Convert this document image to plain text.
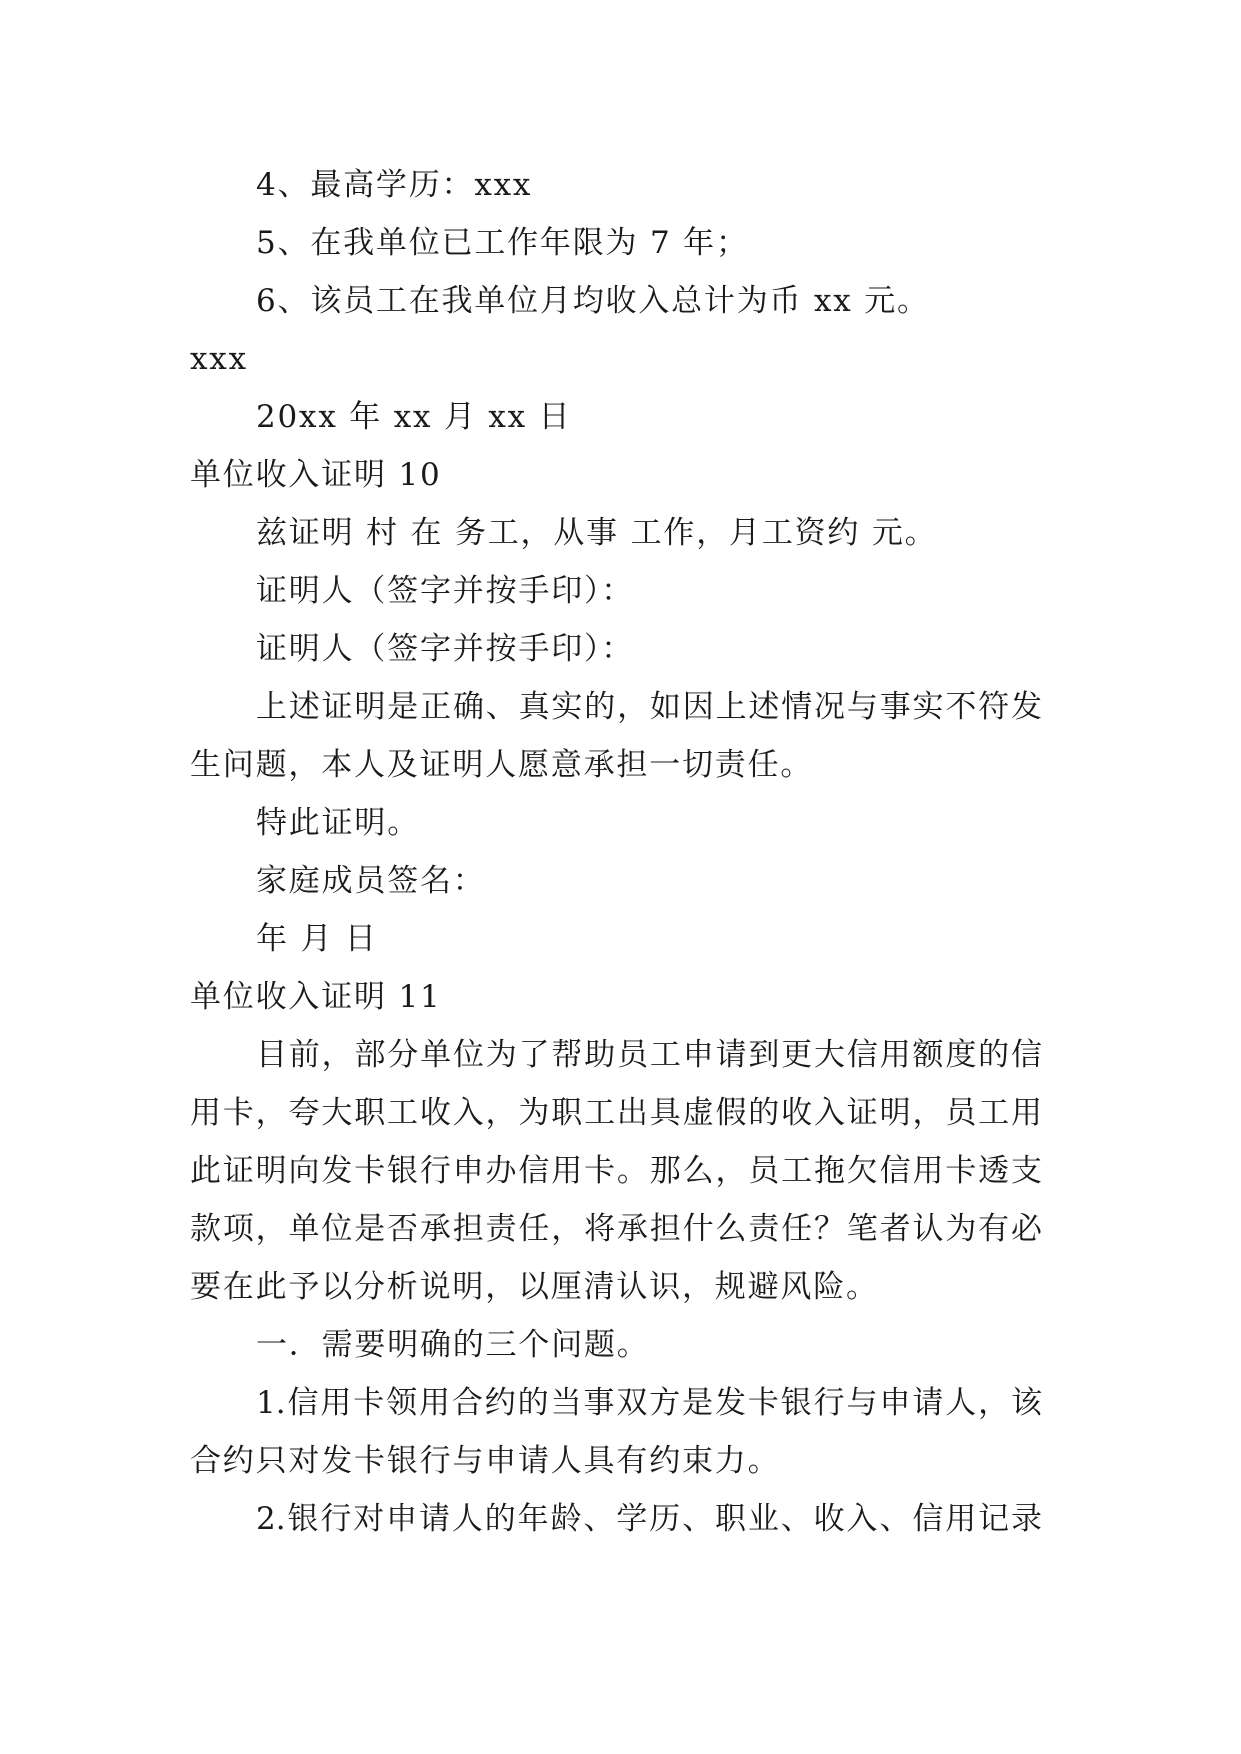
4、最高学历：xxx
5、在我单位已工作年限为 7 年；
6、该员工在我单位月均收入总计为币 xx 元。
xxx
20xx 年 xx 月 xx 日
单位收入证明 10
兹证明 村 在 务工，从事 工作，月工资约 元。
证明人（签字并按手印）：
证明人（签字并按手印）：
上述证明是正确、真实的，如因上述情况与事实不符发
生问题，本人及证明人愿意承担一切责任。
特此证明。
家庭成员签名：
年 月 日
单位收入证明 11
目前，部分单位为了帮助员工申请到更大信用额度的信
用卡，夸大职工收入，为职工出具虚假的收入证明，员工用
此证明向发卡银行申办信用卡。那么，员工拖欠信用卡透支
款项，单位是否承担责任，将承担什么责任？笔者认为有必
要在此予以分析说明，以厘清认识，规避风险。
一．需要明确的三个问题。
1.信用卡领用合约的当事双方是发卡银行与申请人，该
合约只对发卡银行与申请人具有约束力。
2.银行对申请人的年龄、学历、职业、收入、信用记录
